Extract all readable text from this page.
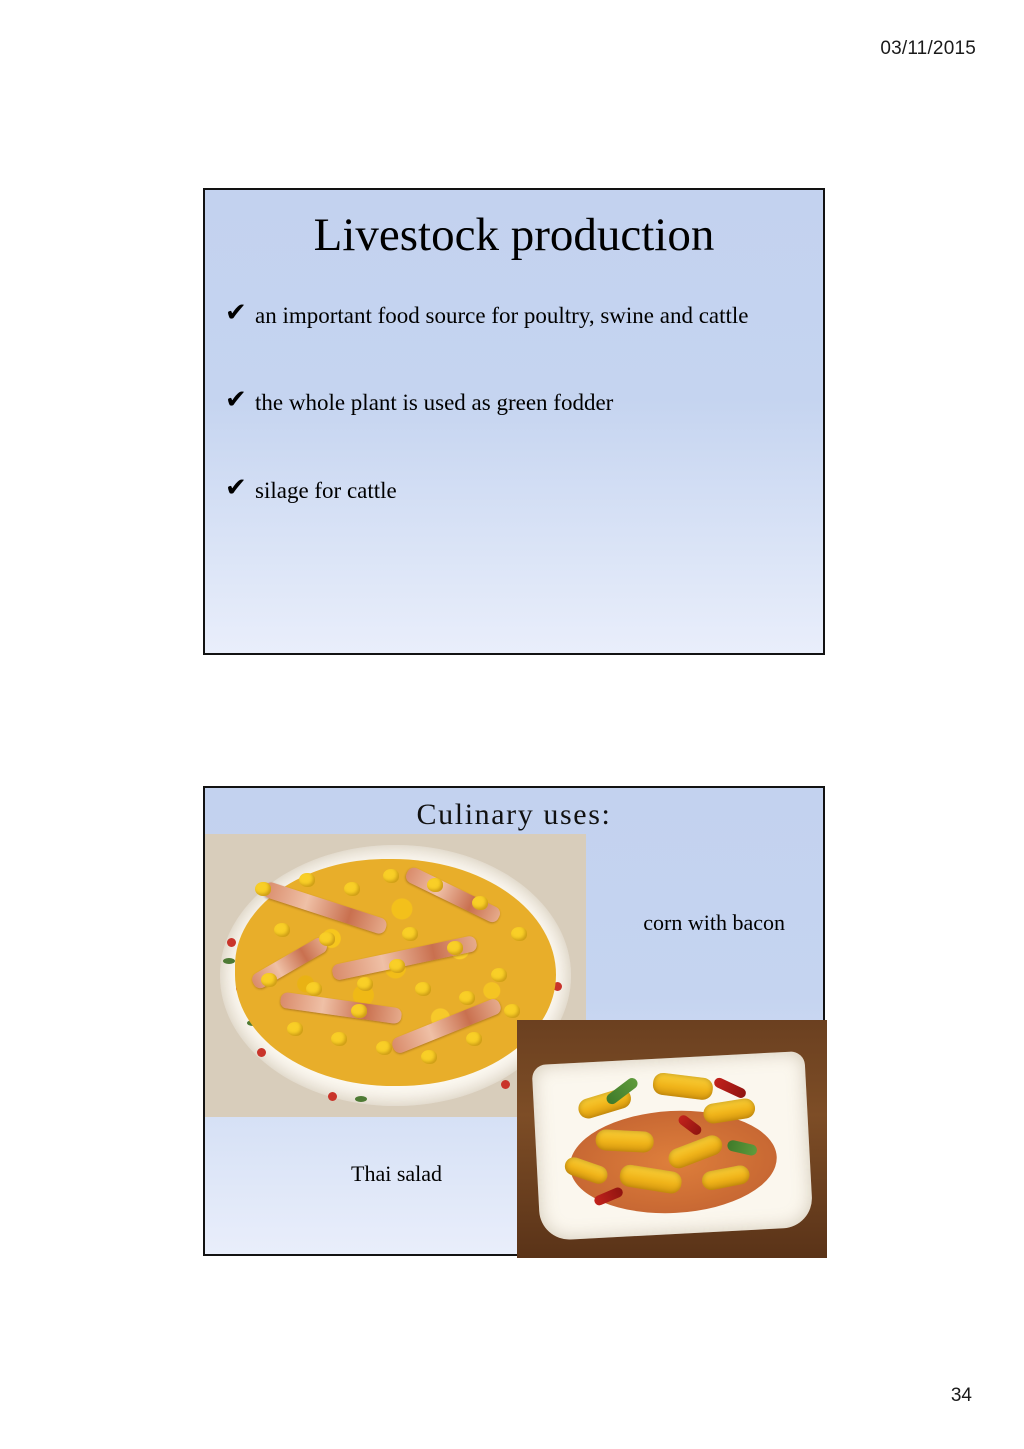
03/11/2015
Livestock production
✔ an important food source for poultry, swine and cattle
✔ the whole plant is used as green fodder
✔ silage for cattle
Culinary uses:
corn with bacon
Thai salad
34
